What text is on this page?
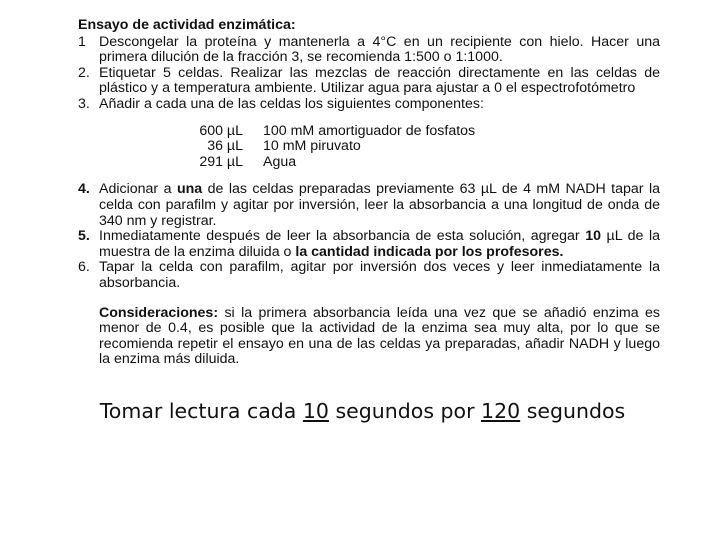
Ensayo de actividad enzimática:
1 Descongelar la proteína y mantenerla a 4°C en un recipiente con hielo. Hacer una primera dilución de la fracción 3, se recomienda 1:500 o 1:1000.
2. Etiquetar 5 celdas. Realizar las mezclas de reacción directamente en las celdas de plástico y a temperatura ambiente. Utilizar agua para ajustar a 0 el espectrofotómetro
3. Añadir a cada una de las celdas los siguientes componentes:
600 µL	100 mM amortiguador de fosfatos
36 µL	10 mM piruvato
291 µL	Agua
4. Adicionar a una de las celdas preparadas previamente 63 µL de 4 mM NADH tapar la celda con parafilm y agitar por inversión, leer la absorbancia a una longitud de onda de 340 nm y registrar.
5. Inmediatamente después de leer la absorbancia de esta solución, agregar 10 µL de la muestra de la enzima diluida o la cantidad indicada por los profesores.
6. Tapar la celda con parafilm, agitar por inversión dos veces y leer inmediatamente la absorbancia.
Consideraciones: si la primera absorbancia leída una vez que se añadió enzima es menor de 0.4, es posible que la actividad de la enzima sea muy alta, por lo que se recomienda repetir el ensayo en una de las celdas ya preparadas, añadir NADH y luego la enzima más diluida.
Tomar lectura cada 10 segundos por 120 segundos
